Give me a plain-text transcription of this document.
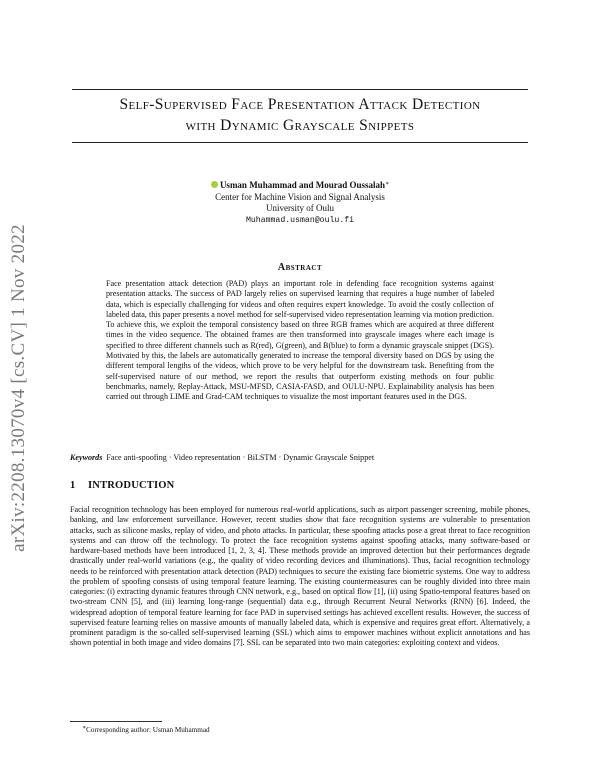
arXiv:2208.13070v4 [cs.CV] 1 Nov 2022
Self-Supervised Face Presentation Attack Detection
with Dynamic Grayscale Snippets
Usman Muhammad and Mourad Oussalah∗
Center for Machine Vision and Signal Analysis
University of Oulu
Muhammad.usman@oulu.fi
Abstract
Face presentation attack detection (PAD) plays an important role in defending face recognition systems against presentation attacks. The success of PAD largely relies on supervised learning that requires a huge number of labeled data, which is especially challenging for videos and often requires expert knowledge. To avoid the costly collection of labeled data, this paper presents a novel method for self-supervised video representation learning via motion prediction. To achieve this, we exploit the temporal consistency based on three RGB frames which are acquired at three different times in the video sequence. The obtained frames are then transformed into grayscale images where each image is specified to three different channels such as R(red), G(green), and B(blue) to form a dynamic grayscale snippet (DGS). Motivated by this, the labels are automatically generated to increase the temporal diversity based on DGS by using the different temporal lengths of the videos, which prove to be very helpful for the downstream task. Benefiting from the self-supervised nature of our method, we report the results that outperform existing methods on four public benchmarks, namely, Replay-Attack, MSU-MFSD, CASIA-FASD, and OULU-NPU. Explainability analysis has been carried out through LIME and Grad-CAM techniques to visualize the most important features used in the DGS.
Keywords Face anti-spoofing · Video representation · BiLSTM · Dynamic Grayscale Snippet
1 INTRODUCTION
Facial recognition technology has been employed for numerous real-world applications, such as airport passenger screening, mobile phones, banking, and law enforcement surveillance. However, recent studies show that face recognition systems are vulnerable to presentation attacks, such as silicone masks, replay of video, and photo attacks. In particular, these spoofing attacks pose a great threat to face recognition systems and can throw off the technology. To protect the face recognition systems against spoofing attacks, many software-based or hardware-based methods have been introduced [1, 2, 3, 4]. These methods provide an improved detection but their performances degrade drastically under real-world variations (e.g., the quality of video recording devices and illuminations). Thus, facial recognition technology needs to be reinforced with presentation attack detection (PAD) techniques to secure the existing face biometric systems. One way to address the problem of spoofing consists of using temporal feature learning. The existing countermeasures can be roughly divided into three main categories: (i) extracting dynamic features through CNN network, e.g., based on optical flow [1], (ii) using Spatio-temporal features based on two-stream CNN [5], and (iii) learning long-range (sequential) data e.g., through Recurrent Neural Networks (RNN) [6]. Indeed, the widespread adoption of temporal feature learning for face PAD in supervised settings has achieved excellent results. However, the success of supervised feature learning relies on massive amounts of manually labeled data, which is expensive and requires great effort. Alternatively, a prominent paradigm is the so-called self-supervised learning (SSL) which aims to empower machines without explicit annotations and has shown potential in both image and video domains [7]. SSL can be separated into two main categories: exploiting context and videos.
∗Corresponding author: Usman Muhammad
